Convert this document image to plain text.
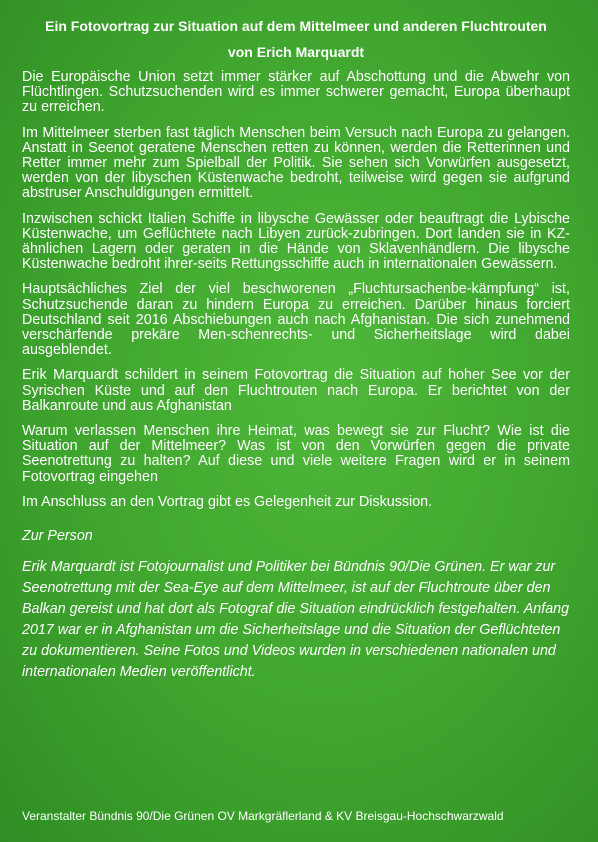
Ein Fotovortrag zur Situation auf dem Mittelmeer und anderen Fluchtrouten

von Erich Marquardt

Die Europäische Union setzt immer stärker auf Abschottung und die Abwehr von Flüchtlingen. Schutzsuchenden wird es immer schwerer gemacht, Europa überhaupt zu erreichen.

Im Mittelmeer sterben fast täglich Menschen beim Versuch nach Europa zu gelangen. Anstatt in Seenot geratene Menschen retten zu können, werden die Retterinnen und Retter immer mehr zum Spielball der Politik. Sie sehen sich Vorwürfen ausgesetzt, werden von der libyschen Küstenwache bedroht, teilweise wird gegen sie aufgrund abstruser Anschuldigungen ermittelt.

Inzwischen schickt Italien Schiffe in libysche Gewässer oder beauftragt die Lybische Küstenwache, um Geflüchtete nach Libyen zurück-zubringen. Dort landen sie in KZ-ähnlichen Lagern oder geraten in die Hände von Sklavenhändlern. Die libysche Küstenwache bedroht ihrer-seits Rettungsschiffe auch in internationalen Gewässern.

Hauptsächliches Ziel der viel beschworenen „Fluchtursachenbe-kämpfung“ ist, Schutzsuchende daran zu hindern Europa zu erreichen. Darüber hinaus forciert Deutschland seit 2016 Abschiebungen auch nach Afghanistan. Die sich zunehmend verschärfende prekäre Men-schenrechts- und Sicherheitslage wird dabei ausgeblendet.

Erik Marquardt schildert in seinem Fotovortrag die Situation auf hoher See vor der Syrischen Küste und auf den Fluchtrouten nach Europa. Er berichtet von der Balkanroute und aus Afghanistan

Warum verlassen Menschen ihre Heimat, was bewegt sie zur Flucht? Wie ist die Situation auf der Mittelmeer? Was ist von den Vorwürfen gegen die private Seenotrettung zu halten? Auf diese und viele weitere Fragen wird er in seinem Fotovortrag eingehen

Im Anschluss an den Vortrag gibt es Gelegenheit zur Diskussion.

Zur Person

Erik Marquardt ist Fotojournalist und Politiker bei Bündnis 90/Die Grünen. Er war zur Seenotrettung mit der Sea-Eye auf dem Mittelmeer, ist auf der Fluchtroute über den Balkan gereist und hat dort als Fotograf die Situation eindrücklich festgehalten. Anfang 2017 war er in Afghanistan um die Sicherheitslage und die Situation der Geflüchteten zu dokumentieren. Seine Fotos und Videos wurden in verschiedenen nationalen und internationalen Medien veröffentlicht.

Veranstalter Bündnis 90/Die Grünen OV Markgräflerland & KV Breisgau-Hochschwarzwald
